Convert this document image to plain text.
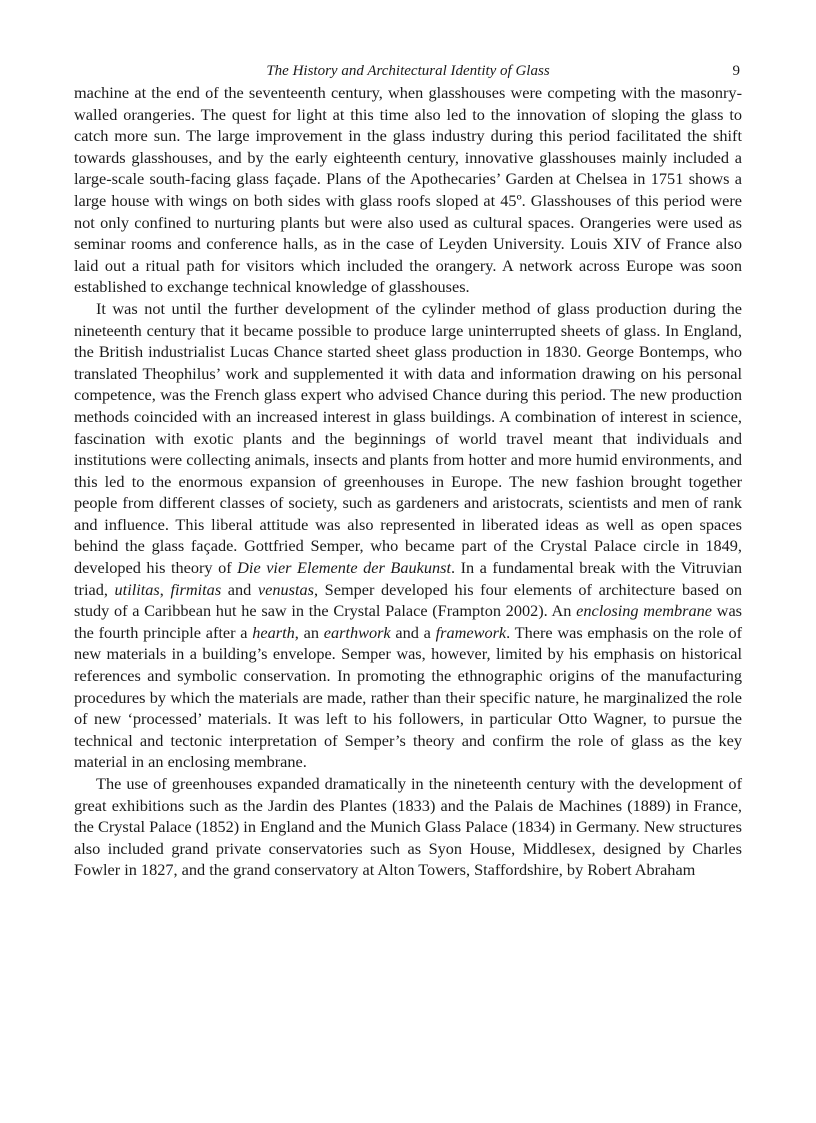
The History and Architectural Identity of Glass	9

machine at the end of the seventeenth century, when glasshouses were competing with the masonry-walled orangeries. The quest for light at this time also led to the innovation of sloping the glass to catch more sun. The large improvement in the glass industry during this period facilitated the shift towards glasshouses, and by the early eighteenth century, innovative glasshouses mainly included a large-scale south-facing glass façade. Plans of the Apothecaries’ Garden at Chelsea in 1751 shows a large house with wings on both sides with glass roofs sloped at 45º. Glasshouses of this period were not only confined to nurturing plants but were also used as cultural spaces. Orangeries were used as seminar rooms and conference halls, as in the case of Leyden University. Louis XIV of France also laid out a ritual path for visitors which included the orangery. A network across Europe was soon established to exchange technical knowledge of glasshouses.

It was not until the further development of the cylinder method of glass production during the nineteenth century that it became possible to produce large uninterrupted sheets of glass. In England, the British industrialist Lucas Chance started sheet glass production in 1830. George Bontemps, who translated Theophilus’ work and supplemented it with data and information drawing on his personal competence, was the French glass expert who advised Chance during this period. The new production methods coincided with an increased interest in glass buildings. A combination of interest in science, fascination with exotic plants and the beginnings of world travel meant that individuals and institutions were collecting animals, insects and plants from hotter and more humid environments, and this led to the enormous expansion of greenhouses in Europe. The new fashion brought together people from different classes of society, such as gardeners and aristocrats, scientists and men of rank and influence. This liberal attitude was also represented in liberated ideas as well as open spaces behind the glass façade. Gottfried Semper, who became part of the Crystal Palace circle in 1849, developed his theory of Die vier Elemente der Baukunst. In a fundamental break with the Vitruvian triad, utilitas, firmitas and venustas, Semper developed his four elements of architecture based on study of a Caribbean hut he saw in the Crystal Palace (Frampton 2002). An enclosing membrane was the fourth principle after a hearth, an earthwork and a framework. There was emphasis on the role of new materials in a building’s envelope. Semper was, however, limited by his emphasis on historical references and symbolic conservation. In promoting the ethnographic origins of the manufacturing procedures by which the materials are made, rather than their specific nature, he marginalized the role of new ‘processed’ materials. It was left to his followers, in particular Otto Wagner, to pursue the technical and tectonic interpretation of Semper’s theory and confirm the role of glass as the key material in an enclosing membrane.

The use of greenhouses expanded dramatically in the nineteenth century with the development of great exhibitions such as the Jardin des Plantes (1833) and the Palais de Machines (1889) in France, the Crystal Palace (1852) in England and the Munich Glass Palace (1834) in Germany. New structures also included grand private conservatories such as Syon House, Middlesex, designed by Charles Fowler in 1827, and the grand conservatory at Alton Towers, Staffordshire, by Robert Abraham
